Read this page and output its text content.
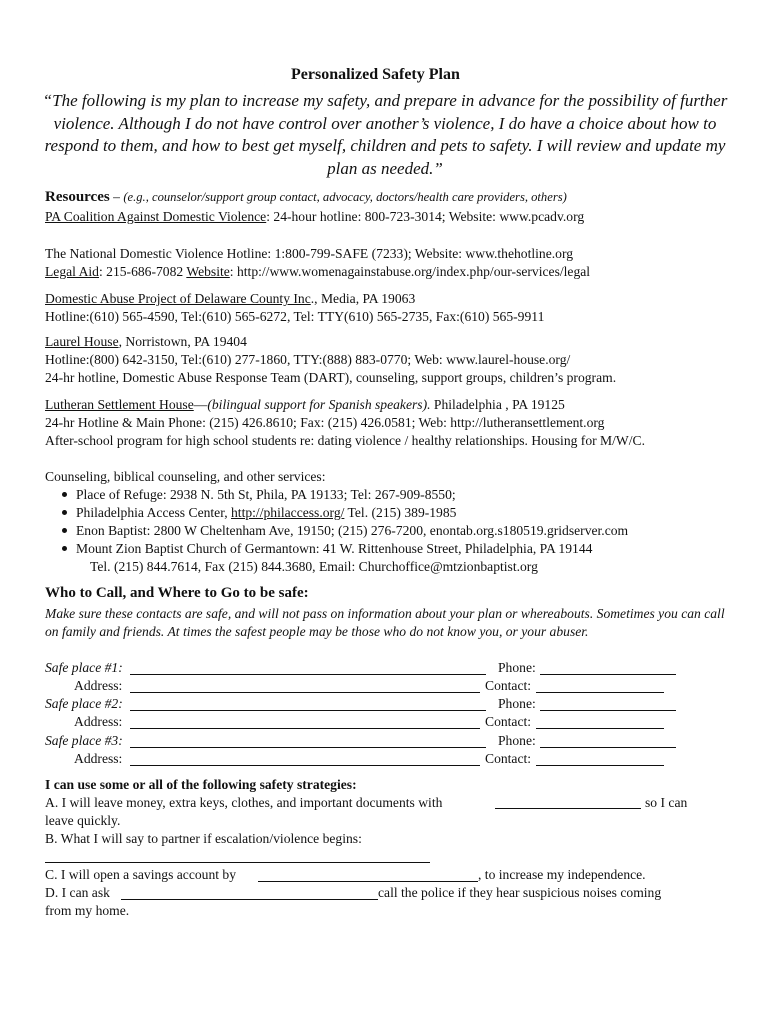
Personalized Safety Plan
“The following is my plan to increase my safety, and prepare in advance for the possibility of further violence. Although I do not have control over another’s violence, I do have a choice about how to respond to them, and how to best get myself, children and pets to safety. I will review and update my plan as needed.”
Resources – (e.g., counselor/support group contact, advocacy, doctors/health care providers, others)
PA Coalition Against Domestic Violence: 24-hour hotline: 800-723-3014; Website: www.pcadv.org
The National Domestic Violence Hotline: 1:800-799-SAFE (7233); Website: www.thehotline.org
Legal Aid: 215-686-7082 Website: http://www.womenagainstabuse.org/index.php/our-services/legal
Domestic Abuse Project of Delaware County Inc., Media, PA 19063
Hotline:(610) 565-4590, Tel:(610) 565-6272, Tel: TTY(610) 565-2735, Fax:(610) 565-9911
Laurel House, Norristown, PA 19404
Hotline:(800) 642-3150, Tel:(610) 277-1860, TTY:(888) 883-0770; Web: www.laurel-house.org/
24-hr hotline, Domestic Abuse Response Team (DART), counseling, support groups, children’s program.
Lutheran Settlement House—(bilingual support for Spanish speakers). Philadelphia , PA 19125
24-hr Hotline & Main Phone: (215) 426.8610; Fax: (215) 426.0581; Web: http://lutheransettlement.org
After-school program for high school students re: dating violence / healthy relationships. Housing for M/W/C.
Counseling, biblical counseling, and other services:
Place of Refuge: 2938 N. 5th St, Phila, PA 19133; Tel: 267-909-8550;
Philadelphia Access Center, http://philaccess.org/ Tel. (215) 389-1985
Enon Baptist: 2800 W Cheltenham Ave, 19150; (215) 276-7200, enontab.org.s180519.gridserver.com
Mount Zion Baptist Church of Germantown: 41 W. Rittenhouse Street, Philadelphia, PA 19144
Tel. (215) 844.7614, Fax (215) 844.3680, Email: Churchoffice@mtzionbaptist.org
Who to Call, and Where to Go to be safe:
Make sure these contacts are safe, and will not pass on information about your plan or whereabouts. Sometimes you can call on family and friends. At times the safest people may be those who do not know you, or your abuser.
Safe place #1:	Phone:
Address:	Contact:
Safe place #2:	Phone:
Address:	Contact:
Safe place #3:	Phone:
Address:	Contact:
I can use some or all of the following safety strategies:
A. I will leave money, extra keys, clothes, and important documents with	so I can
leave quickly.
B. What I will say to partner if escalation/violence begins:
C. I will open a savings account by	, to increase my independence.
D. I can ask	call the police if they hear suspicious noises coming
from my home.
